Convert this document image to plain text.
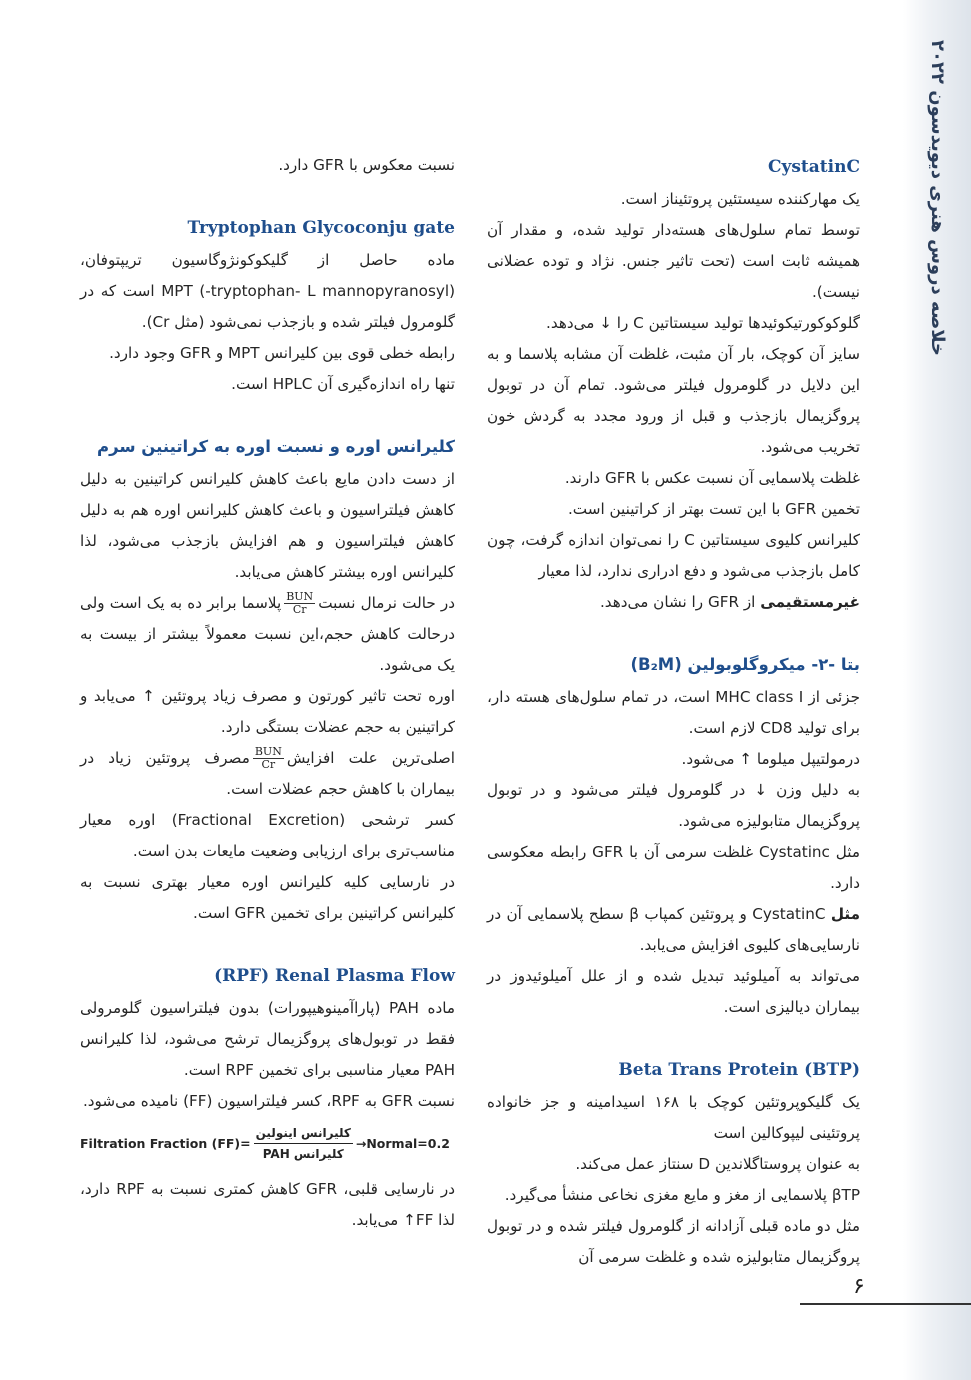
خلاصه دروس هنری دیویدسون ۲۰۲۲
CystatinC

یک مهارکننده سیستئین پروتئیناز است.

توسط تمام سلول‌های هسته‌دار تولید شده، و مقدار آن همیشه ثابت است (تحت تاثیر جنس. نژاد و توده عضلانی نیست).

گلوکوکورتیکوئیدها تولید سیستاتین C را ↓ می‌دهد.

سایز آن کوچک، بار آن مثبت، غلظت آن مشابه پلاسما و به این دلایل در گلومرول فیلتر می‌شود. تمام آن در توبول پروگزیمال بازجذب و قبل از ورود مجدد به گردش خون تخریب می‌شود.

غلظت پلاسمایی آن نسبت عکس با GFR دارند.

تخمین GFR با این تست بهتر از کراتینین است.

کلیرانس کلیوی سیستاتین C را نمی‌توان اندازه گرفت، چون کامل بازجذب می‌شود و دفع ادراری ندارد، لذا معیار

غیرمستقیمی از GFR را نشان می‌دهد.

بتا -۲- میکروگلوبولین (B₂M)

جزئی از MHC class I است، در تمام سلول‌های هسته دار، برای تولید CD8 لازم است.

درمولتیپل میلوما ↑ می‌شود.

به دلیل وزن ↓ در گلومرول فیلتر می‌شود و در توبول پروگزیمال متابولیزه می‌شود.

مثل Cystatinc غلظت سرمی آن با GFR رابطه معکوسی دارد.

مثل CystatinC و پروتئین کمپاب β سطح پلاسمایی آن در نارسایی‌های کلیوی افزایش می‌یابد.

می‌تواند به آمیلوئید تبدیل شده و از علل آمیلوئیدوز در بیماران دیالیزی است.

Beta Trans Protein (BTP)

یک گلیکوپروتئین کوچک با ۱۶۸ اسیدامینه و جز خانواده پروتئینی لیپوکالین است

به عنوان پروستاگلاندین D سنتاز عمل می‌کند.

βTP پلاسمایی از مغز و مایع مغزی نخاعی منشأ می‌گیرد.

مثل دو ماده قبلی آزادانه از گلومرول فیلتر شده و در توبول پروگزیمال متابولیزه شده و غلظت سرمی آن

نسبت معکوس با GFR دارد.

Tryptophan Glycoconju gate

ماده حاصل از گلیکوکونژوگاسیون تریپتوفان، (tryptophan- L mannopyranosyl-) MPT است که در گلومرول فیلتر شده و بازجذب نمی‌شود (مثل Cr).

رابطه خطی قوی بین کلیرانس MPT و GFR وجود دارد.

تنها راه اندازه‌گیری آن HPLC است.

کلیرانس اوره و نسبت اوره به کراتینین سرم

از دست دادن مایع باعث کاهش کلیرانس کراتینین به دلیل کاهش فیلتراسیون و باعث کاهش کلیرانس اوره هم به دلیل کاهش فیلتراسیون و هم افزایش بازجذب می‌شود، لذا کلیرانس اوره بیشتر کاهش می‌یابد.

در حالت نرمال نسبت
$\frac{\text{BUN}}{Cr}$
پلاسما برابر ده به یک است ولی درحالت کاهش حجم،این نسبت معمولاً بیشتر از بیست به یک می‌شود.

اوره تحت تاثیر کورتون و مصرف زیاد پروتئین ↑ می‌یابد و کراتینین به حجم عضلات بستگی دارد.

اصلی‌ترین علت افزایش
$\frac{\text{BUN}}{Cr}$
مصرف پروتئین زیاد در بیماران با کاهش حجم عضلات است.

کسر ترشحی (Fractional Excretion) اوره معیار مناسب‌تری برای ارزیابی وضعیت مایعات بدن است.

در نارسایی کلیه کلیرانس اوره معیار بهتری نسبت به کلیرانس کراتینین برای تخمین GFR است.

(RPF) Renal Plasma Flow

ماده PAH (پاراآمینوهیپورات) بدون فیلتراسیون گلومرولی فقط در توبول‌های پروگزیمال ترشح می‌شود، لذا کلیرانس PAH معیار مناسبی برای تخمین RPF است.

نسبت GFR به RPF، کسر فیلتراسیون (FF) نامیده می‌شود.

Filtration Fraction $(FF)= \frac{\text{کلیرانس اینولین}}{\text{کلیرانس PAH}}$ →Normal=0.2

در نارسایی قلبی، GFR کاهش کمتری نسبت به RPF دارد، لذا FF↑ می‌یابد.

۶
